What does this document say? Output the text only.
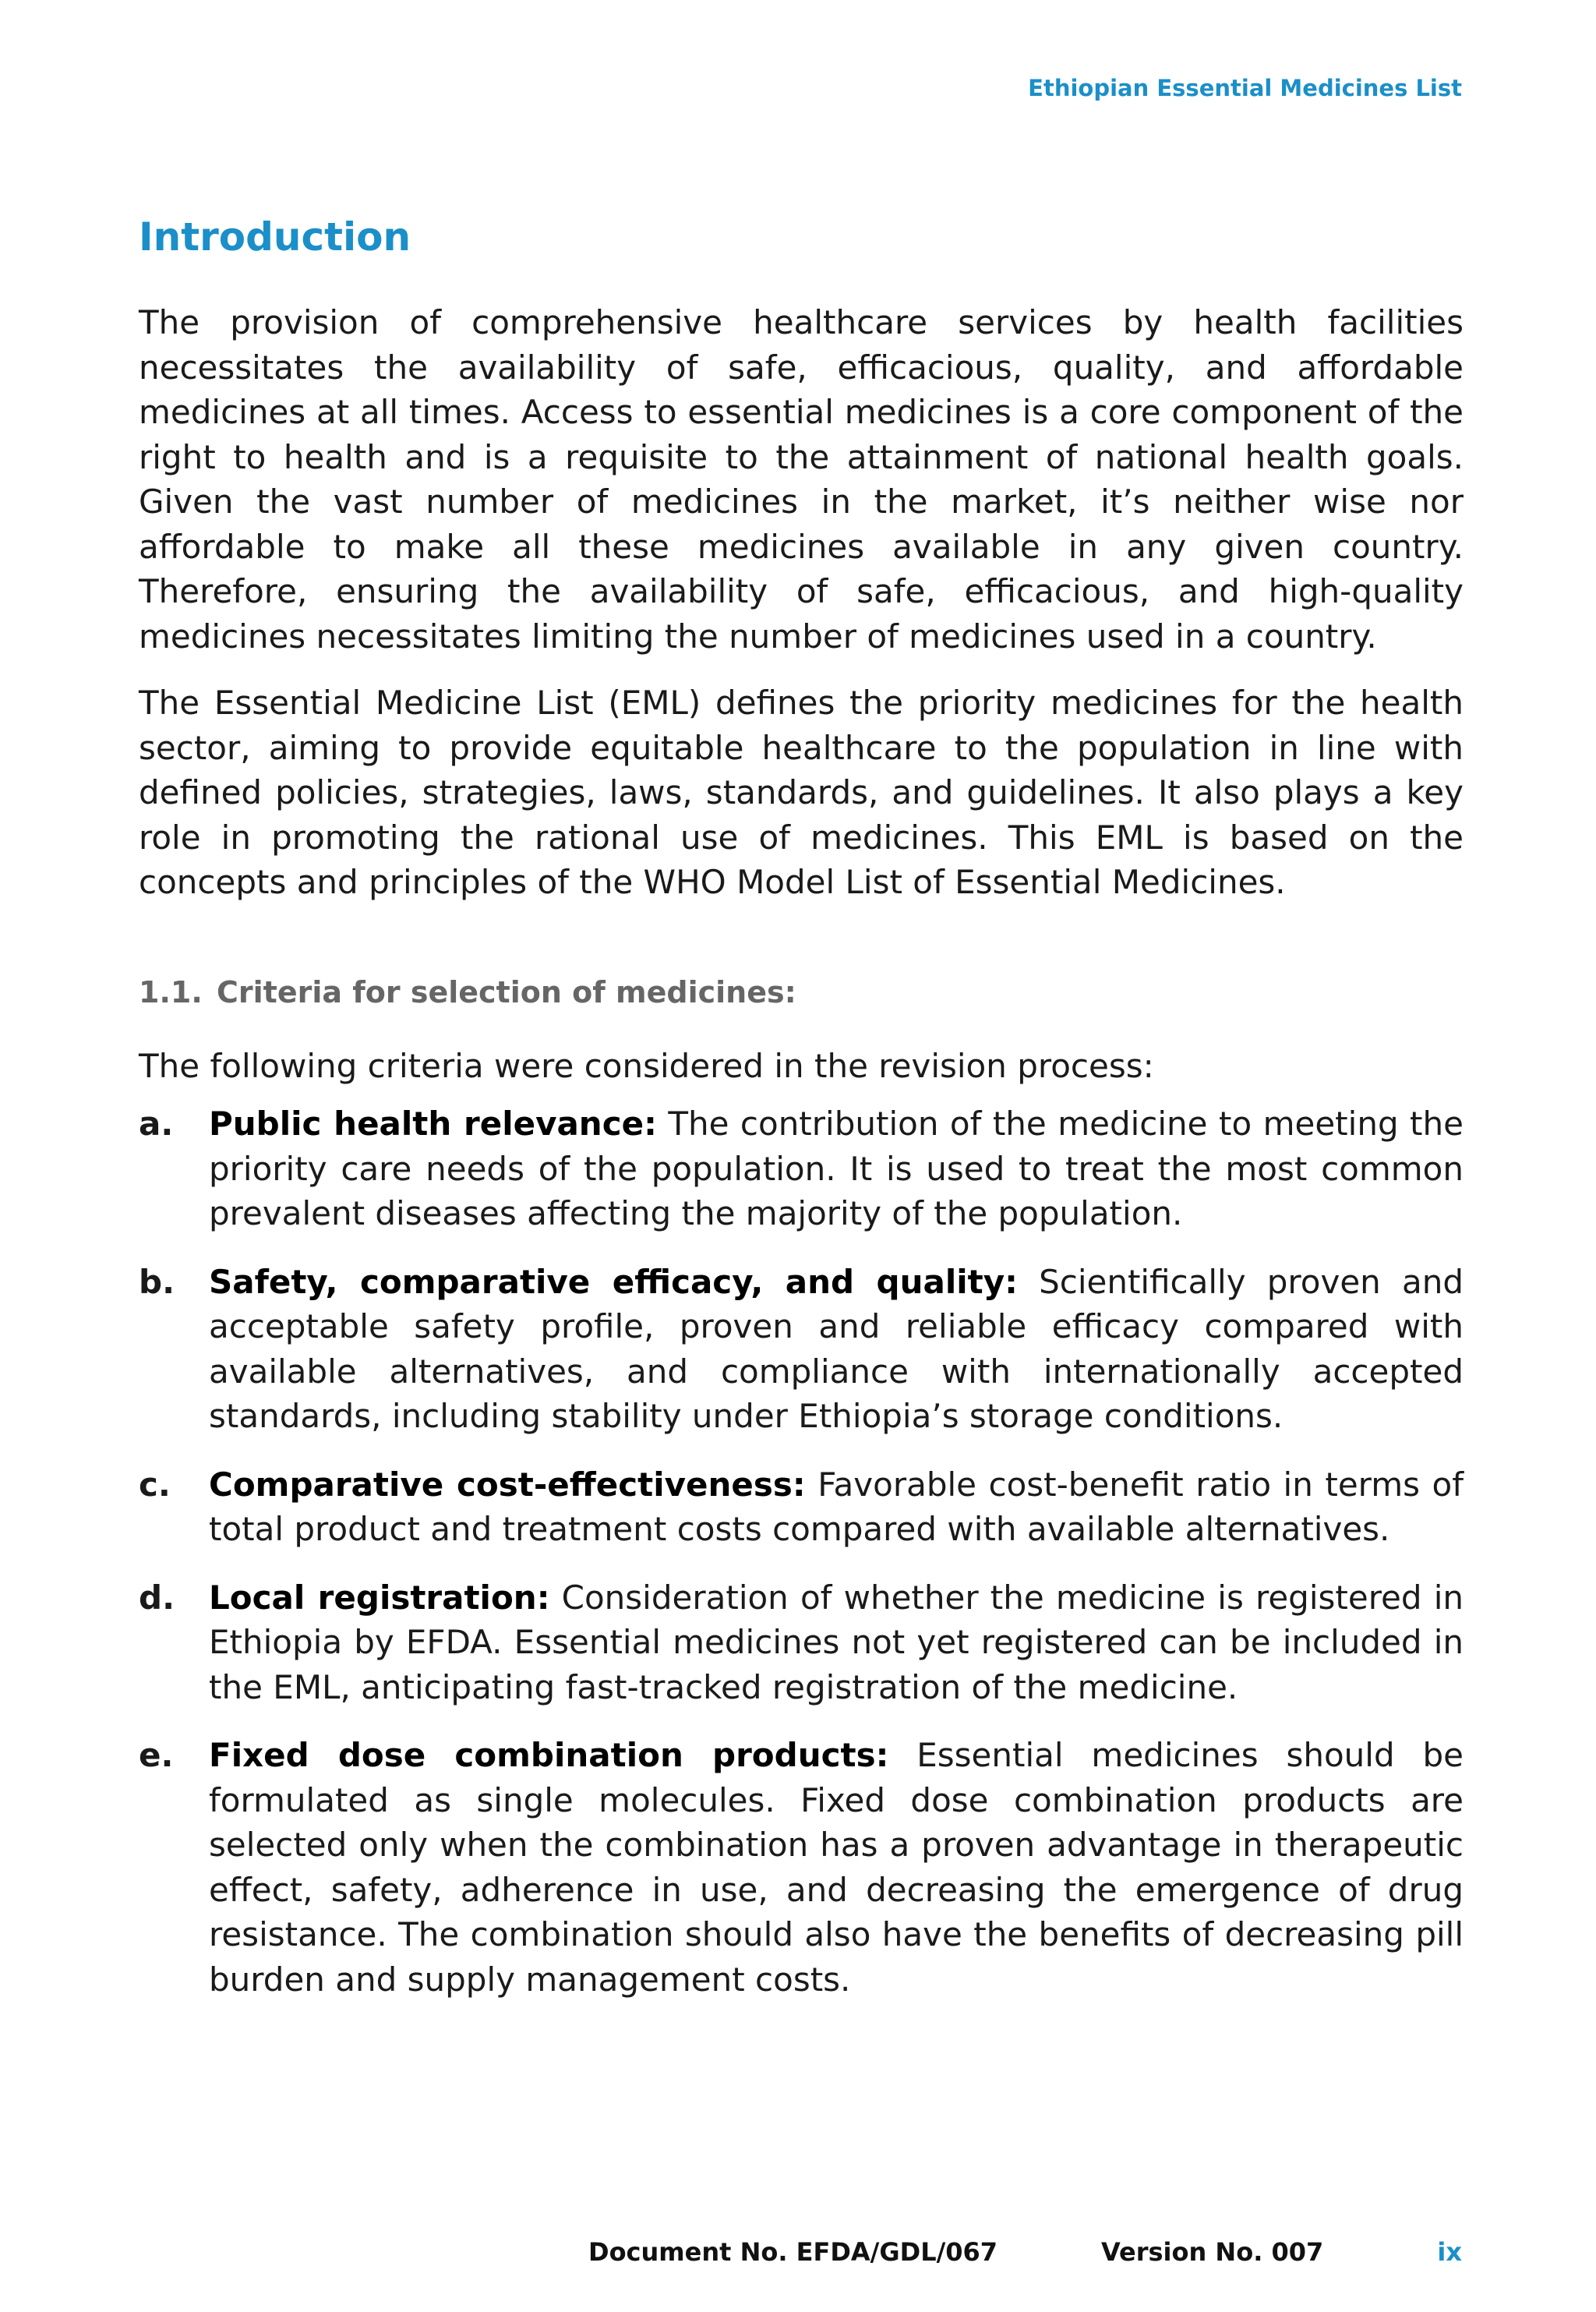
Ethiopian Essential Medicines List
Introduction

The provision of comprehensive healthcare services by health facilities necessitates the availability of safe, efficacious, quality, and affordable medicines at all times. Access to essential medicines is a core component of the right to health and is a requisite to the attainment of national health goals. Given the vast number of medicines in the market, it’s neither wise nor affordable to make all these medicines available in any given country. Therefore, ensuring the availability of safe, efficacious, and high-quality medicines necessitates limiting the number of medicines used in a country.

The Essential Medicine List (EML) defines the priority medicines for the health sector, aiming to provide equitable healthcare to the population in line with defined policies, strategies, laws, standards, and guidelines. It also plays a key role in promoting the rational use of medicines. This EML is based on the concepts and principles of the WHO Model List of Essential Medicines.

1.1. Criteria for selection of medicines:

The following criteria were considered in the revision process:

a.	Public health relevance: The contribution of the medicine to meeting the priority care needs of the population. It is used to treat the most common prevalent diseases affecting the majority of the population.
b.	Safety, comparative efficacy, and quality: Scientifically proven and acceptable safety profile, proven and reliable efficacy compared with available alternatives, and compliance with internationally accepted standards, including stability under Ethiopia’s storage conditions.
c.	Comparative cost-effectiveness: Favorable cost-benefit ratio in terms of total product and treatment costs compared with available alternatives.
d.	Local registration: Consideration of whether the medicine is registered in Ethiopia by EFDA. Essential medicines not yet registered can be included in the EML, anticipating fast-tracked registration of the medicine.
e.	Fixed dose combination products: Essential medicines should be formulated as single molecules. Fixed dose combination products are selected only when the combination has a proven advantage in therapeutic effect, safety, adherence in use, and decreasing the emergence of drug resistance. The combination should also have the benefits of decreasing pill burden and supply management costs.
Document No. EFDA/GDL/067	Version No. 007	ix
